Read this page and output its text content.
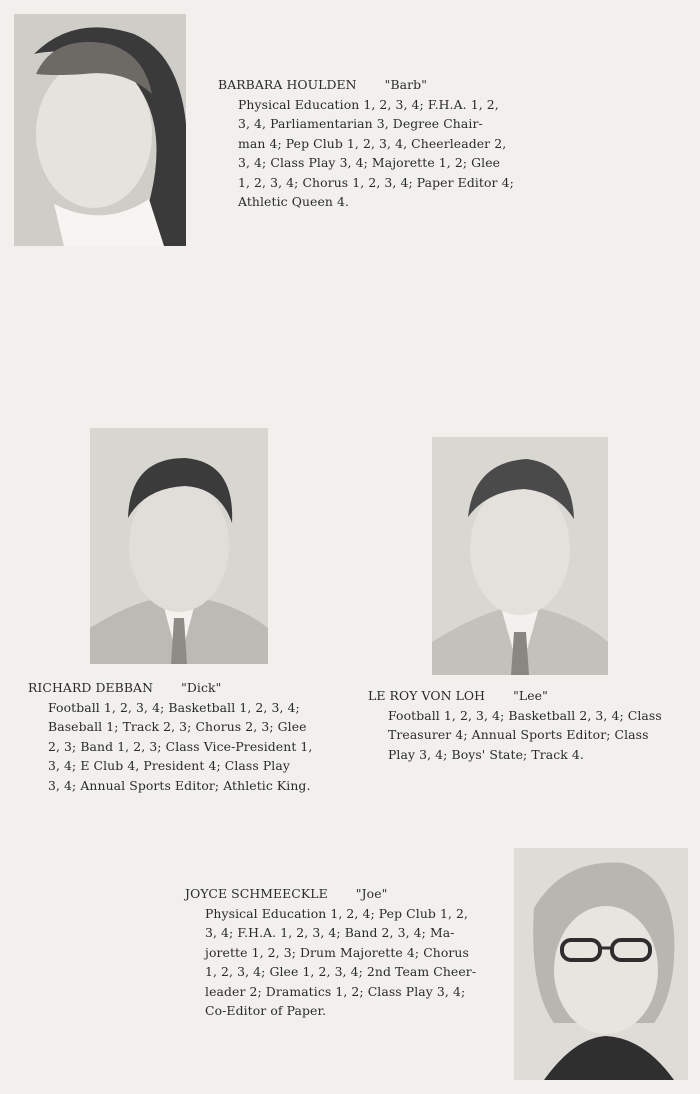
BARBARA HOULDEN "Barb"
Physical Education 1, 2, 3, 4; F.H.A. 1, 2,
3, 4, Parliamentarian 3, Degree Chair-
man 4; Pep Club 1, 2, 3, 4, Cheerleader 2,
3, 4; Class Play 3, 4; Majorette 1, 2; Glee
1, 2, 3, 4; Chorus 1, 2, 3, 4; Paper Editor 4;
Athletic Queen 4.
RICHARD DEBBAN "Dick"
Football 1, 2, 3, 4; Basketball 1, 2, 3, 4;
Baseball 1; Track 2, 3; Chorus 2, 3; Glee
2, 3; Band 1, 2, 3; Class Vice-President 1,
3, 4; E Club 4, President 4; Class Play
3, 4; Annual Sports Editor; Athletic King.
LE ROY VON LOH "Lee"
Football 1, 2, 3, 4; Basketball 2, 3, 4; Class
Treasurer 4; Annual Sports Editor; Class
Play 3, 4; Boys' State; Track 4.
JOYCE SCHMEECKLE "Joe"
Physical Education 1, 2, 4; Pep Club 1, 2,
3, 4; F.H.A. 1, 2, 3, 4; Band 2, 3, 4; Ma-
jorette 1, 2, 3; Drum Majorette 4; Chorus
1, 2, 3, 4; Glee 1, 2, 3, 4; 2nd Team Cheer-
leader 2; Dramatics 1, 2; Class Play 3, 4;
Co-Editor of Paper.
